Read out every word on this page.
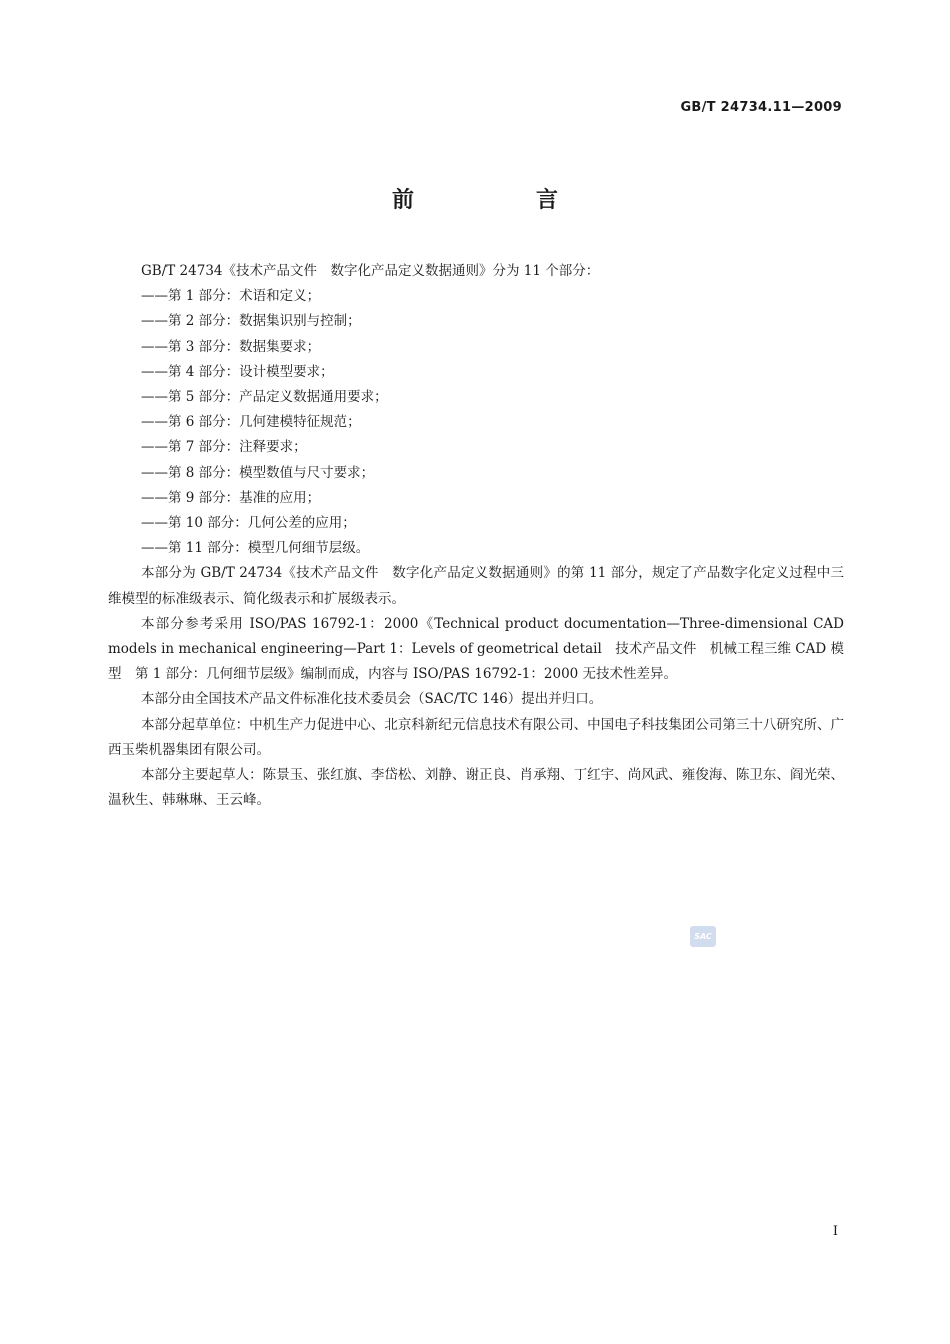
GB/T 24734.11—2009
前　言
GB/T 24734《技术产品文件　数字化产品定义数据通则》分为 11 个部分：
——第 1 部分：术语和定义；
——第 2 部分：数据集识别与控制；
——第 3 部分：数据集要求；
——第 4 部分：设计模型要求；
——第 5 部分：产品定义数据通用要求；
——第 6 部分：几何建模特征规范；
——第 7 部分：注释要求；
——第 8 部分：模型数值与尺寸要求；
——第 9 部分：基准的应用；
——第 10 部分：几何公差的应用；
——第 11 部分：模型几何细节层级。
本部分为 GB/T 24734《技术产品文件　数字化产品定义数据通则》的第 11 部分，规定了产品数字化定义过程中三维模型的标准级表示、简化级表示和扩展级表示。
本部分参考采用 ISO/PAS 16792-1：2000《Technical product documentation—Three-dimensional CAD models in mechanical engineering—Part 1：Levels of geometrical detail　技术产品文件　机械工程三维 CAD 模型　第 1 部分：几何细节层级》编制而成，内容与 ISO/PAS 16792-1：2000 无技术性差异。
本部分由全国技术产品文件标准化技术委员会（SAC/TC 146）提出并归口。
本部分起草单位：中机生产力促进中心、北京科新纪元信息技术有限公司、中国电子科技集团公司第三十八研究所、广西玉柴机器集团有限公司。
本部分主要起草人：陈景玉、张红旗、李岱松、刘静、谢正良、肖承翔、丁红宇、尚风武、雍俊海、陈卫东、阎光荣、温秋生、韩琳琳、王云峰。
SAC
I
